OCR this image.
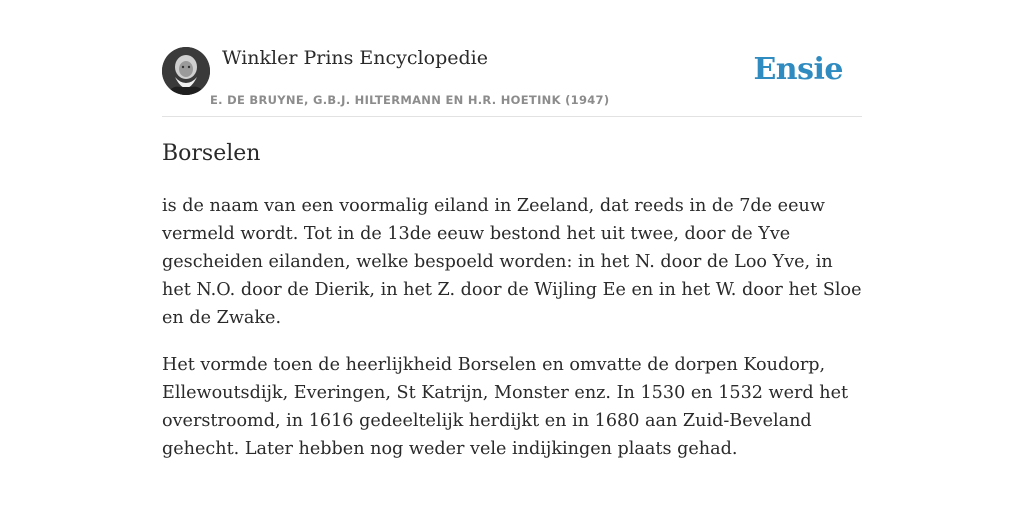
Winkler Prins Encyclopedie
E. DE BRUYNE, G.B.J. HILTERMANN EN H.R. HOETINK (1947)
Ensie
Borselen

is de naam van een voormalig eiland in Zeeland, dat reeds in de 7de eeuw vermeld wordt. Tot in de 13de eeuw bestond het uit twee, door de Yve gescheiden eilanden, welke bespoeld worden: in het N. door de Loo Yve, in het N.O. door de Dierik, in het Z. door de Wijling Ee en in het W. door het Sloe en de Zwake.

Het vormde toen de heerlijkheid Borselen en omvatte de dorpen Koudorp, Ellewoutsdijk, Everingen, St Katrijn, Monster enz. In 1530 en 1532 werd het overstroomd, in 1616 gedeeltelijk herdijkt en in 1680 aan Zuid-Beveland gehecht. Later hebben nog weder vele indijkingen plaats gehad.
